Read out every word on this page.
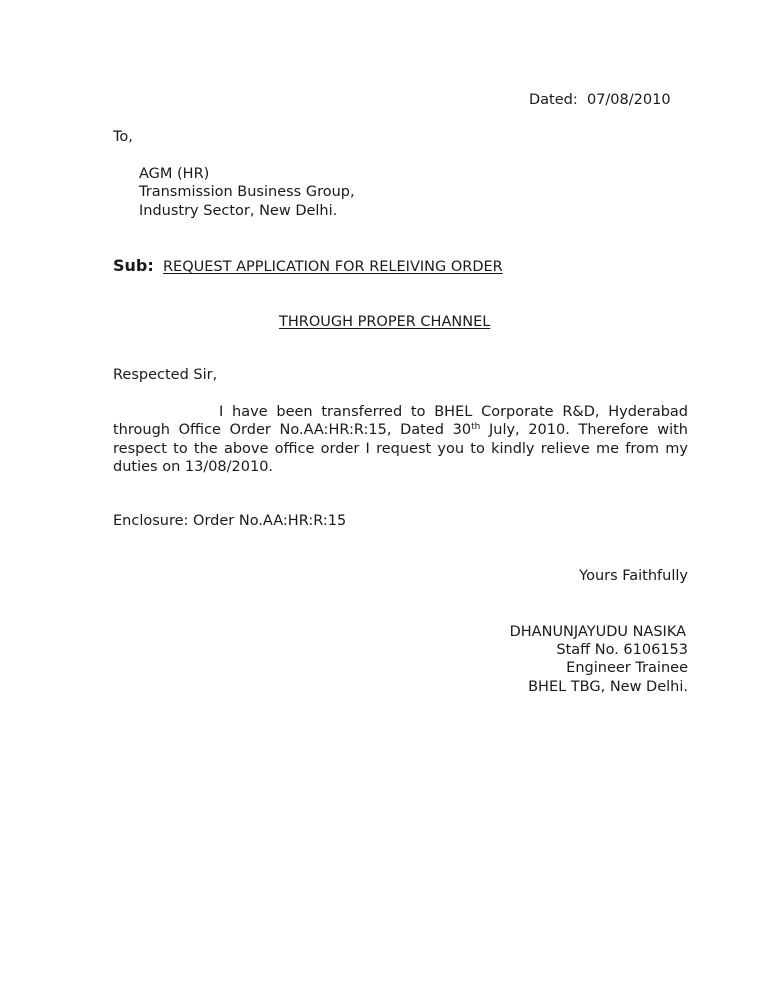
Dated: 07/08/2010
To,
AGM (HR)
Transmission Business Group,
Industry Sector, New Delhi.
Sub: REQUEST APPLICATION FOR RELEIVING ORDER
THROUGH PROPER CHANNEL
Respected Sir,
I have been transferred to BHEL Corporate R&D, Hyderabad through Office Order No.AA:HR:R:15, Dated 30th July, 2010. Therefore with respect to the above office order I request you to kindly relieve me from my duties on 13/08/2010.
Enclosure: Order No.AA:HR:R:15
Yours Faithfully
DHANUNJAYUDU NASIKA
Staff No. 6106153
Engineer Trainee
BHEL TBG, New Delhi.
